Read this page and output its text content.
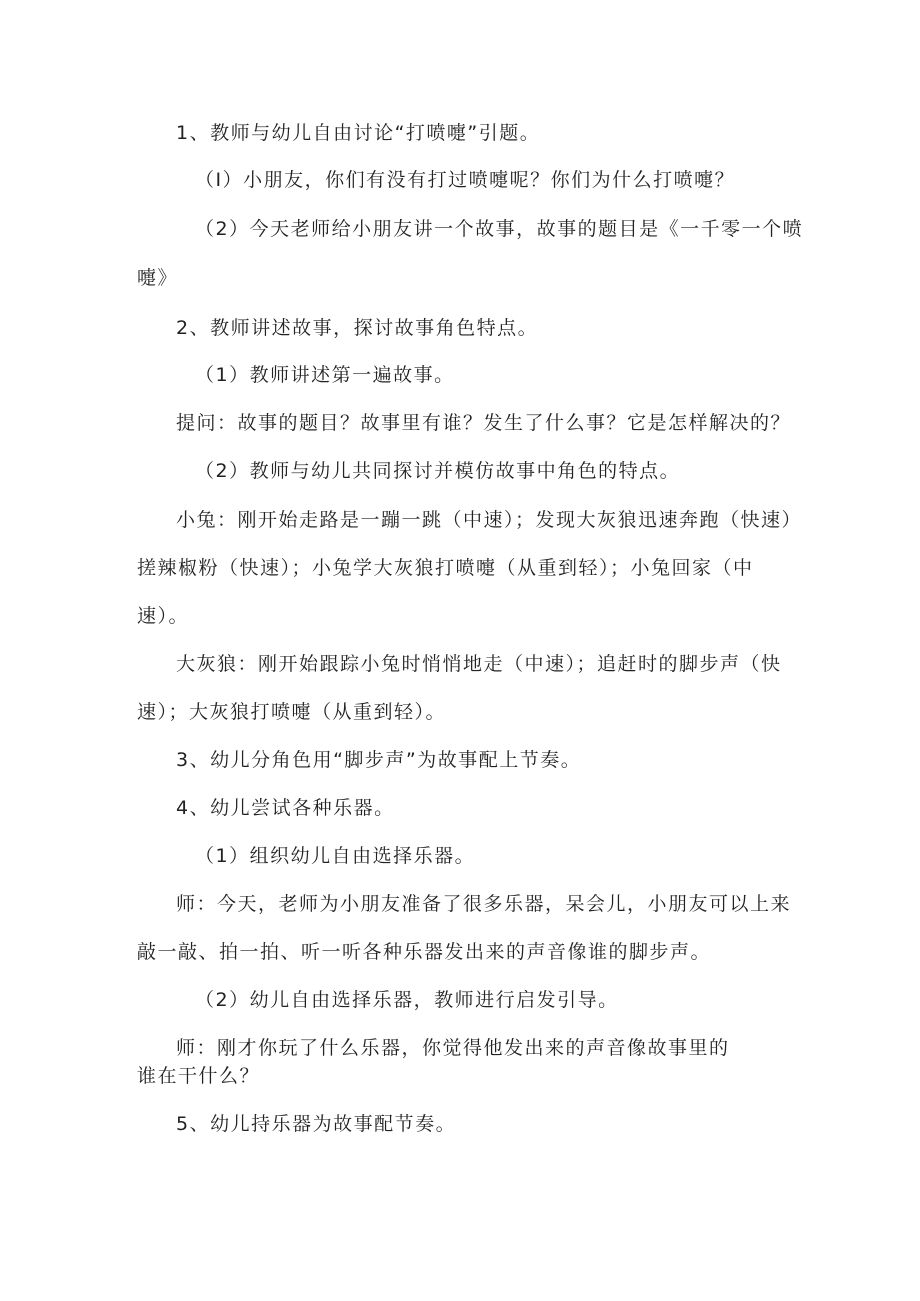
1、教师与幼儿自由讨论“打喷嚏”引题。
（I）小朋友，你们有没有打过喷嚏呢？你们为什么打喷嚏？
（2）今天老师给小朋友讲一个故事，故事的题目是《一千零一个喷
嚏》
2、教师讲述故事，探讨故事角色特点。
（1）教师讲述第一遍故事。
提问：故事的题目？故事里有谁？发生了什么事？它是怎样解决的？
（2）教师与幼儿共同探讨并模仿故事中角色的特点。
小兔：刚开始走路是一蹦一跳（中速）；发现大灰狼迅速奔跑（快速）
搓辣椒粉（快速）；小兔学大灰狼打喷嚏（从重到轻）；小兔回家（中
速）。
大灰狼：刚开始跟踪小兔时悄悄地走（中速）；追赶时的脚步声（快
速）；大灰狼打喷嚏（从重到轻）。
3、幼儿分角色用“脚步声”为故事配上节奏。
4、幼儿尝试各种乐器。
（1）组织幼儿自由选择乐器。
师：今天，老师为小朋友准备了很多乐器，呆会儿，小朋友可以上来
敲一敲、拍一拍、听一听各种乐器发出来的声音像谁的脚步声。
（2）幼儿自由选择乐器，教师进行启发引导。
师：刚才你玩了什么乐器，你觉得他发出来的声音像故事里的
谁在干什么？
5、幼儿持乐器为故事配节奏。
